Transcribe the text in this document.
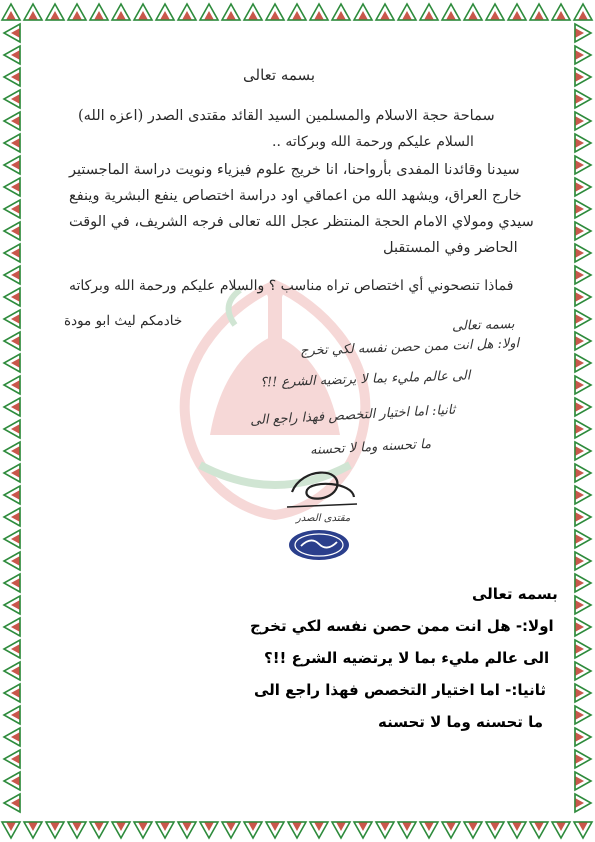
بسمه تعالى
سماحة حجة الاسلام والمسلمين السيد القائد مقتدى الصدر (اعزه الله)
السلام عليكم ورحمة الله وبركاته ..
سيدنا وقائدنا المفدى بأرواحنا، انا خريج علوم فيزياء ونويت دراسة الماجستير
خارج العراق، ويشهد الله من اعماقي اود دراسة اختصاص ينفع البشرية وينفع
سيدي ومولاي الامام الحجة المنتظر عجل الله تعالى فرجه الشريف، في الوقت
الحاضر وفي المستقبل
فماذا تنصحوني أي اختصاص تراه مناسب ؟ والسلام عليكم ورحمة الله وبركاته
خادمكم ليث ابو مودة	بسمه تعالى
اولا: هل انت ممن حصن نفسه لكي تخرج
الى عالم مليء بما لا يرتضيه الشرع !!؟
ثانيا: اما اختيار التخصص فهذا راجع الى
ما تحسنه وما لا تحسنه
مقتدى الصدر
بسمه تعالى
اولا:- هل انت ممن حصن نفسه لكي تخرج
الى عالم مليء بما لا يرتضيه الشرع !!؟
ثانيا:- اما اختيار التخصص فهذا راجع الى
ما تحسنه وما لا تحسنه
